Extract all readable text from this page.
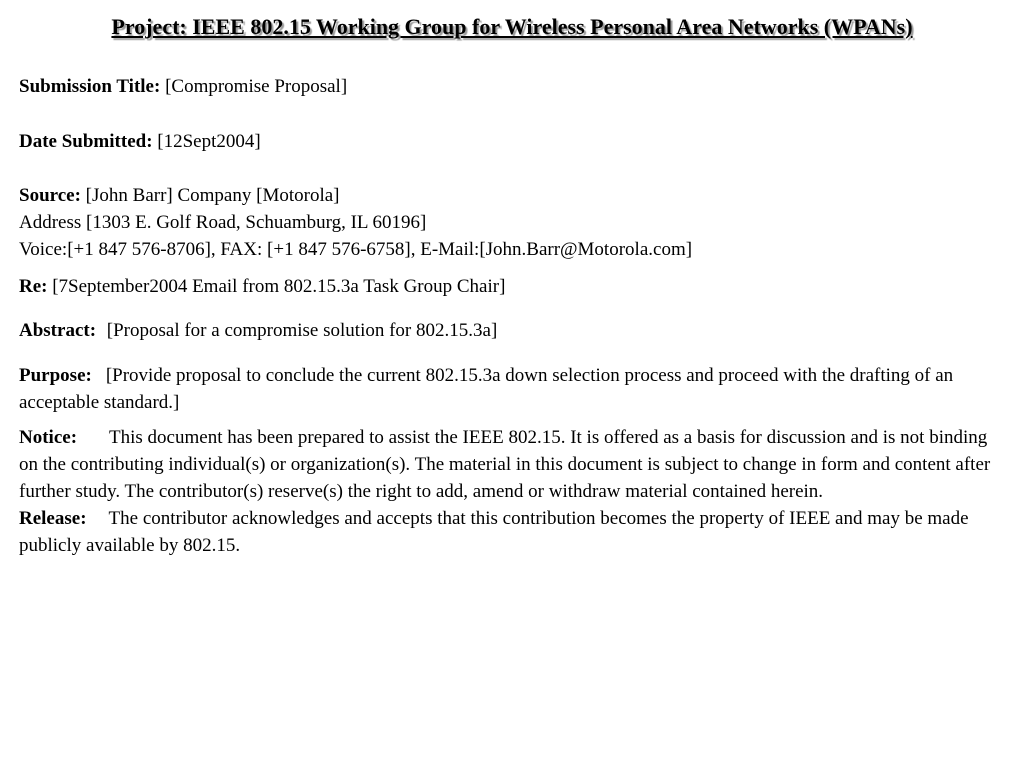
Project: IEEE 802.15 Working Group for Wireless Personal Area Networks (WPANs)
Submission Title: [Compromise Proposal]
Date Submitted: [12Sept2004]
Source: [John Barr] Company [Motorola]
Address [1303 E. Golf Road, Schuamburg, IL 60196]
Voice:[+1 847 576-8706], FAX: [+1 847 576-6758], E-Mail:[John.Barr@Motorola.com]
Re: [7September2004 Email from 802.15.3a Task Group Chair]
Abstract: [Proposal for a compromise solution for 802.15.3a]
Purpose: [Provide proposal to conclude the current 802.15.3a down selection process and proceed with the drafting of an acceptable standard.]
Notice: This document has been prepared to assist the IEEE 802.15. It is offered as a basis for discussion and is not binding on the contributing individual(s) or organization(s). The material in this document is subject to change in form and content after further study. The contributor(s) reserve(s) the right to add, amend or withdraw material contained herein.
Release: The contributor acknowledges and accepts that this contribution becomes the property of IEEE and may be made publicly available by 802.15.
